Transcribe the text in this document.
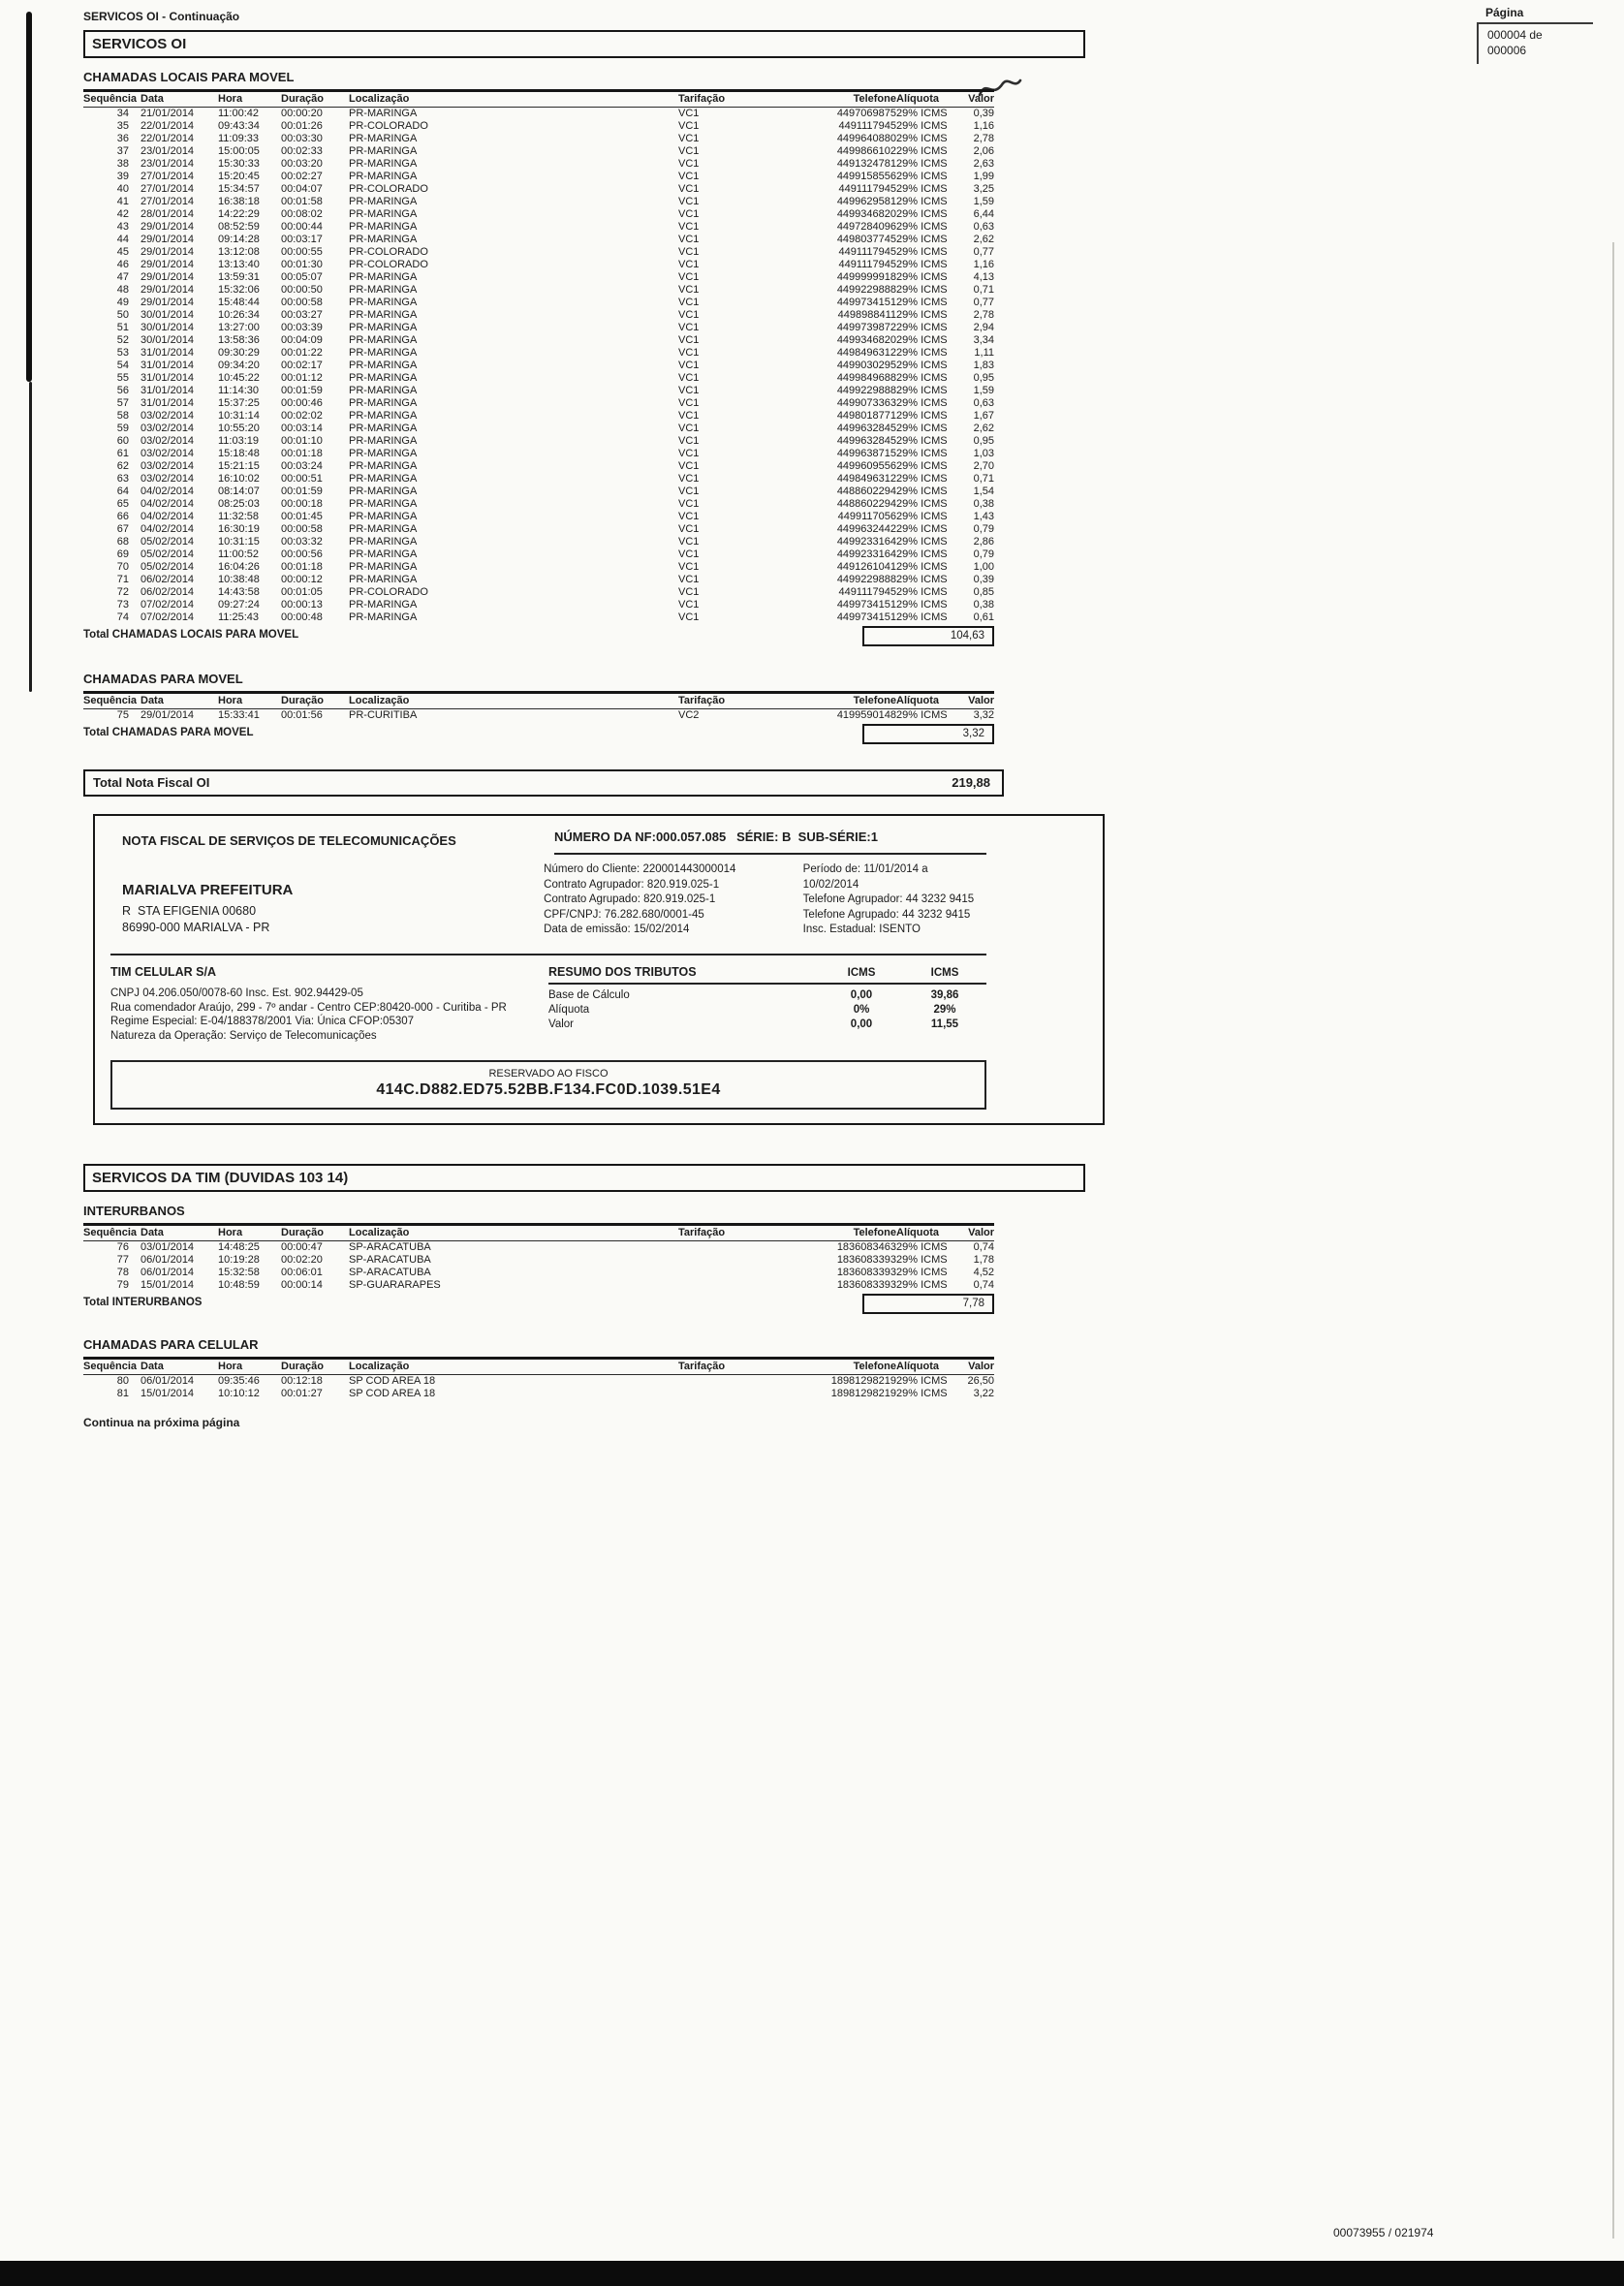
Página
000004 de
000006
SERVICOS OI - Continuação
SERVICOS OI
CHAMADAS LOCAIS PARA MOVEL
Sequência	Data	Hora	Duração	Localização	Tarifação	Telefone	Alíquota	Valor
34	21/01/2014	11:00:42	00:00:20	PR-MARINGA	VC1	4497069875	29% ICMS	0,39
35	22/01/2014	09:43:34	00:01:26	PR-COLORADO	VC1	4491117945	29% ICMS	1,16
36	22/01/2014	11:09:33	00:03:30	PR-MARINGA	VC1	4499640880	29% ICMS	2,78
37	23/01/2014	15:00:05	00:02:33	PR-MARINGA	VC1	4499866102	29% ICMS	2,06
38	23/01/2014	15:30:33	00:03:20	PR-MARINGA	VC1	4491324781	29% ICMS	2,63
39	27/01/2014	15:20:45	00:02:27	PR-MARINGA	VC1	4499158556	29% ICMS	1,99
40	27/01/2014	15:34:57	00:04:07	PR-COLORADO	VC1	4491117945	29% ICMS	3,25
41	27/01/2014	16:38:18	00:01:58	PR-MARINGA	VC1	4499629581	29% ICMS	1,59
42	28/01/2014	14:22:29	00:08:02	PR-MARINGA	VC1	4499346820	29% ICMS	6,44
43	29/01/2014	08:52:59	00:00:44	PR-MARINGA	VC1	4497284096	29% ICMS	0,63
44	29/01/2014	09:14:28	00:03:17	PR-MARINGA	VC1	4498037745	29% ICMS	2,62
45	29/01/2014	13:12:08	00:00:55	PR-COLORADO	VC1	4491117945	29% ICMS	0,77
46	29/01/2014	13:13:40	00:01:30	PR-COLORADO	VC1	4491117945	29% ICMS	1,16
47	29/01/2014	13:59:31	00:05:07	PR-MARINGA	VC1	4499999918	29% ICMS	4,13
48	29/01/2014	15:32:06	00:00:50	PR-MARINGA	VC1	4499229888	29% ICMS	0,71
49	29/01/2014	15:48:44	00:00:58	PR-MARINGA	VC1	4499734151	29% ICMS	0,77
50	30/01/2014	10:26:34	00:03:27	PR-MARINGA	VC1	4498988411	29% ICMS	2,78
51	30/01/2014	13:27:00	00:03:39	PR-MARINGA	VC1	4499739872	29% ICMS	2,94
52	30/01/2014	13:58:36	00:04:09	PR-MARINGA	VC1	4499346820	29% ICMS	3,34
53	31/01/2014	09:30:29	00:01:22	PR-MARINGA	VC1	4498496312	29% ICMS	1,11
54	31/01/2014	09:34:20	00:02:17	PR-MARINGA	VC1	4499030295	29% ICMS	1,83
55	31/01/2014	10:45:22	00:01:12	PR-MARINGA	VC1	4499849688	29% ICMS	0,95
56	31/01/2014	11:14:30	00:01:59	PR-MARINGA	VC1	4499229888	29% ICMS	1,59
57	31/01/2014	15:37:25	00:00:46	PR-MARINGA	VC1	4499073363	29% ICMS	0,63
58	03/02/2014	10:31:14	00:02:02	PR-MARINGA	VC1	4498018771	29% ICMS	1,67
59	03/02/2014	10:55:20	00:03:14	PR-MARINGA	VC1	4499632845	29% ICMS	2,62
60	03/02/2014	11:03:19	00:01:10	PR-MARINGA	VC1	4499632845	29% ICMS	0,95
61	03/02/2014	15:18:48	00:01:18	PR-MARINGA	VC1	4499638715	29% ICMS	1,03
62	03/02/2014	15:21:15	00:03:24	PR-MARINGA	VC1	4499609556	29% ICMS	2,70
63	03/02/2014	16:10:02	00:00:51	PR-MARINGA	VC1	4498496312	29% ICMS	0,71
64	04/02/2014	08:14:07	00:01:59	PR-MARINGA	VC1	4488602294	29% ICMS	1,54
65	04/02/2014	08:25:03	00:00:18	PR-MARINGA	VC1	4488602294	29% ICMS	0,38
66	04/02/2014	11:32:58	00:01:45	PR-MARINGA	VC1	4499117056	29% ICMS	1,43
67	04/02/2014	16:30:19	00:00:58	PR-MARINGA	VC1	4499632442	29% ICMS	0,79
68	05/02/2014	10:31:15	00:03:32	PR-MARINGA	VC1	4499233164	29% ICMS	2,86
69	05/02/2014	11:00:52	00:00:56	PR-MARINGA	VC1	4499233164	29% ICMS	0,79
70	05/02/2014	16:04:26	00:01:18	PR-MARINGA	VC1	4491261041	29% ICMS	1,00
71	06/02/2014	10:38:48	00:00:12	PR-MARINGA	VC1	4499229888	29% ICMS	0,39
72	06/02/2014	14:43:58	00:01:05	PR-COLORADO	VC1	4491117945	29% ICMS	0,85
73	07/02/2014	09:27:24	00:00:13	PR-MARINGA	VC1	4499734151	29% ICMS	0,38
74	07/02/2014	11:25:43	00:00:48	PR-MARINGA	VC1	4499734151	29% ICMS	0,61
Total CHAMADAS LOCAIS PARA MOVEL	104,63
CHAMADAS PARA MOVEL
Sequência	Data	Hora	Duração	Localização	Tarifação	Telefone	Alíquota	Valor
75	29/01/2014	15:33:41	00:01:56	PR-CURITIBA	VC2	4199590148	29% ICMS	3,32
Total CHAMADAS PARA MOVEL	3,32
Total Nota Fiscal OI	219,88
NOTA FISCAL DE SERVIÇOS DE TELECOMUNICAÇÕES	NÚMERO DA NF:000.057.085   SÉRIE: B  SUB-SÉRIE:1
MARIALVA PREFEITURA
R  STA EFIGENIA 00680
86990-000 MARIALVA - PR
Número do Cliente: 220001443000014
Contrato Agrupador: 820.919.025-1
Contrato Agrupado: 820.919.025-1
CPF/CNPJ: 76.282.680/0001-45
Data de emissão: 15/02/2014
Período de: 11/01/2014 a 10/02/2014
Telefone Agrupador: 44 3232 9415
Telefone Agrupado: 44 3232 9415
Insc. Estadual: ISENTO
TIM CELULAR S/A
CNPJ 04.206.050/0078-60 Insc. Est. 902.94429-05
Rua comendador Araújo, 299 - 7º andar - Centro CEP:80420-000 - Curitiba - PR
Regime Especial: E-04/188378/2001 Via: Única CFOP:05307
Natureza da Operação: Serviço de Telecomunicações
RESUMO DOS TRIBUTOS	ICMS	ICMS
Base de Cálculo	0,00	39,86
Alíquota	0%	29%
Valor	0,00	11,55
RESERVADO AO FISCO
414C.D882.ED75.52BB.F134.FC0D.1039.51E4
SERVICOS DA TIM (DUVIDAS 103 14)
INTERURBANOS
Sequência	Data	Hora	Duração	Localização	Tarifação	Telefone	Alíquota	Valor
76	03/01/2014	14:48:25	00:00:47	SP-ARACATUBA		1836083463	29% ICMS	0,74
77	06/01/2014	10:19:28	00:02:20	SP-ARACATUBA		1836083393	29% ICMS	1,78
78	06/01/2014	15:32:58	00:06:01	SP-ARACATUBA		1836083393	29% ICMS	4,52
79	15/01/2014	10:48:59	00:00:14	SP-GUARARAPES		1836083393	29% ICMS	0,74
Total INTERURBANOS	7,78
CHAMADAS PARA CELULAR
Sequência	Data	Hora	Duração	Localização	Tarifação	Telefone	Alíquota	Valor
80	06/01/2014	09:35:46	00:12:18	SP COD AREA 18		18981298219	29% ICMS	26,50
81	15/01/2014	10:10:12	00:01:27	SP COD AREA 18		18981298219	29% ICMS	3,22
Continua na próxima página
00073955 / 021974
